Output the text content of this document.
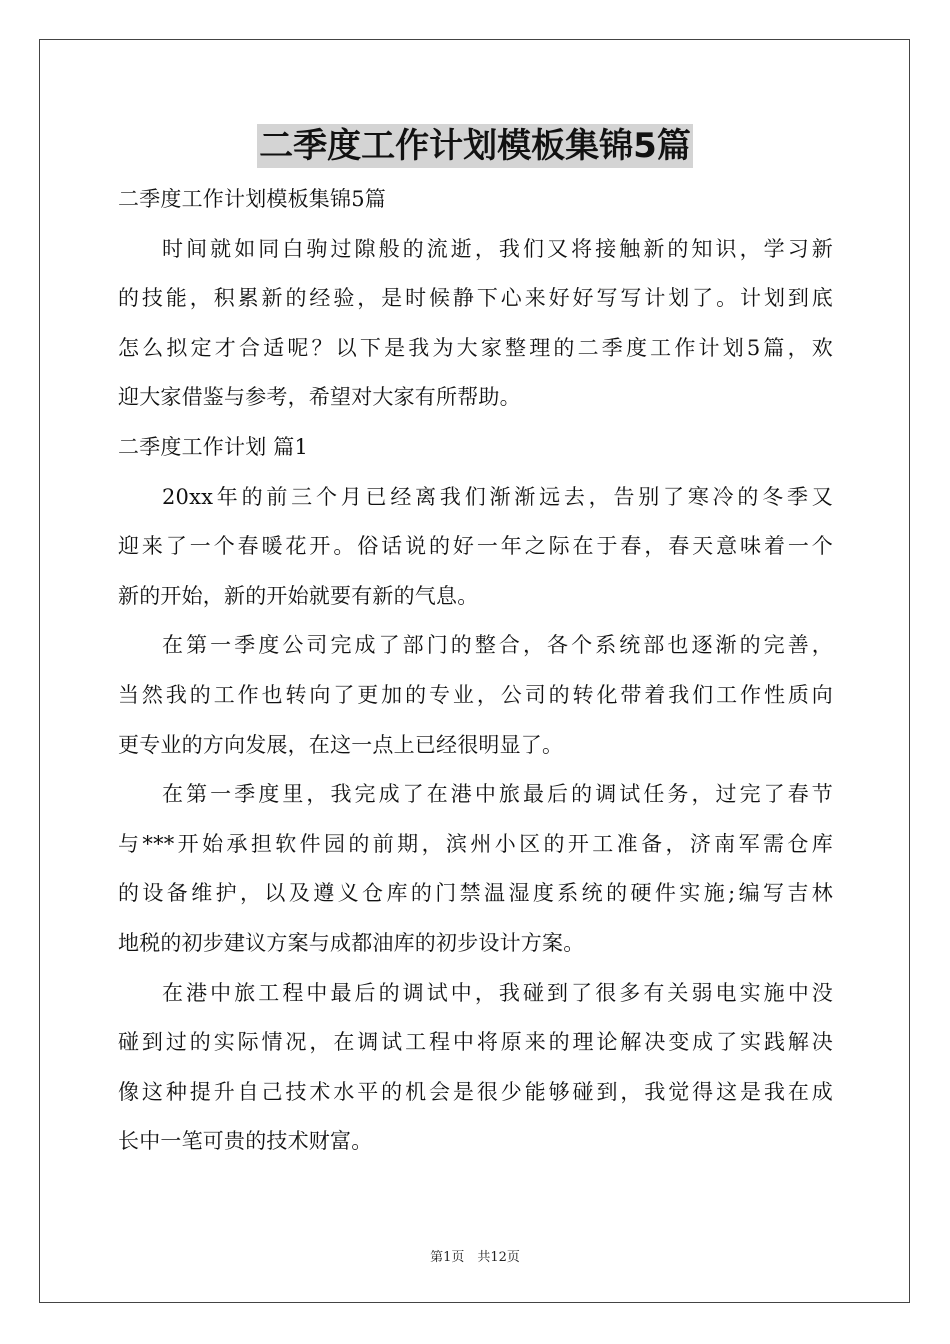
二季度工作计划模板集锦5篇
二季度工作计划模板集锦5篇
时间就如同白驹过隙般的流逝，我们又将接触新的知识，学习新
的技能，积累新的经验，是时候静下心来好好写写计划了。计划到底
怎么拟定才合适呢？以下是我为大家整理的二季度工作计划5篇，欢
迎大家借鉴与参考，希望对大家有所帮助。
二季度工作计划 篇1
20xx年的前三个月已经离我们渐渐远去，告别了寒冷的冬季又
迎来了一个春暖花开。俗话说的好一年之际在于春，春天意味着一个
新的开始，新的开始就要有新的气息。
在第一季度公司完成了部门的整合，各个系统部也逐渐的完善，
当然我的工作也转向了更加的专业，公司的转化带着我们工作性质向
更专业的方向发展，在这一点上已经很明显了。
在第一季度里，我完成了在港中旅最后的调试任务，过完了春节
与***开始承担软件园的前期，滨州小区的开工准备，济南军需仓库
的设备维护，以及遵义仓库的门禁温湿度系统的硬件实施;编写吉林
地税的初步建议方案与成都油库的初步设计方案。
在港中旅工程中最后的调试中，我碰到了很多有关弱电实施中没
碰到过的实际情况，在调试工程中将原来的理论解决变成了实践解决
像这种提升自己技术水平的机会是很少能够碰到，我觉得这是我在成
长中一笔可贵的技术财富。
第1页　共12页
